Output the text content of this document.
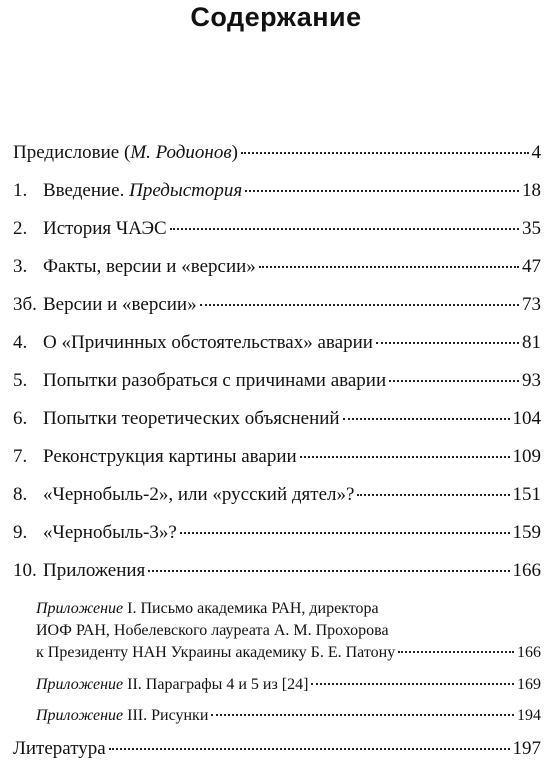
Содержание
Предисловие (М. Родионов)	4
1. Введение. Предыстория	18
2. История ЧАЭС	35
3. Факты, версии и «версии»	47
3б. Версии и «версии»	73
4. О «Причинных обстоятельствах» аварии	81
5. Попытки разобраться с причинами аварии	93
6. Попытки теоретических объяснений	104
7. Реконструкция картины аварии	109
8. «Чернобыль-2», или «русский дятел»?	151
9. «Чернобыль-3»?	159
10. Приложения	166
Приложение I. Письмо академика РАН, директора
ИОФ РАН, Нобелевского лауреата А. М. Прохорова
к Президенту НАН Украины академику Б. Е. Патону	166
Приложение II. Параграфы 4 и 5 из [24]	169
Приложение III. Рисунки	194
Литература	197
